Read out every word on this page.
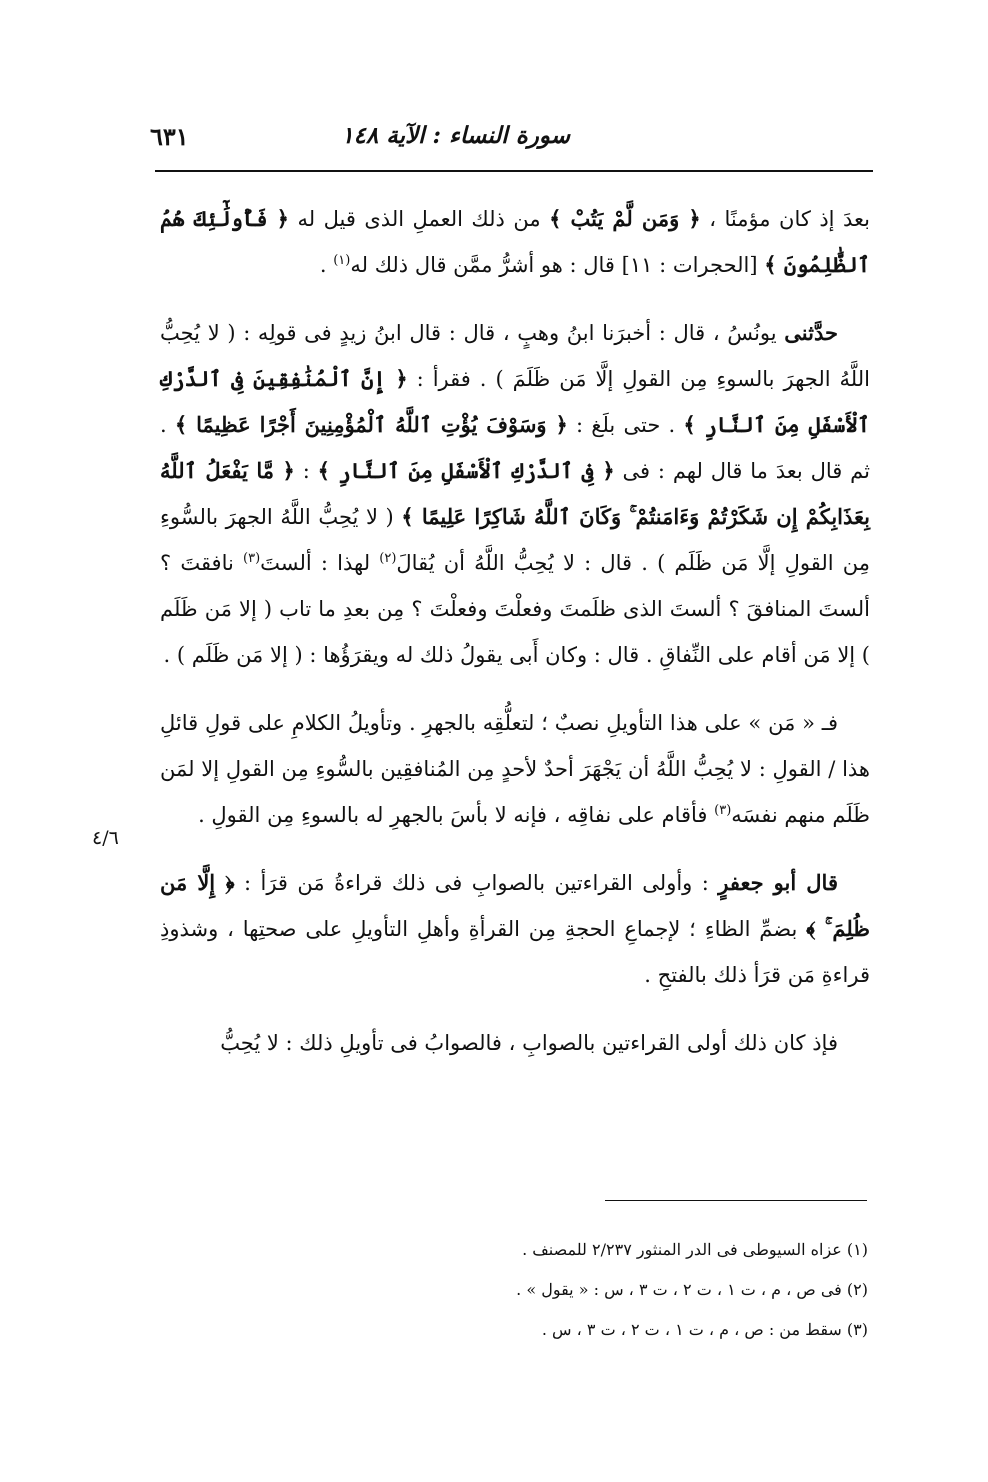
سورة النساء : الآية ١٤٨
٦٣١
٤/٦

بعدَ إذ كان مؤمنًا ، ﴿ وَمَن لَّمْ يَتُبْ ﴾ من ذلك العملِ الذى قيل له ﴿ فَأُولَٰٓئِكَ هُمُ ٱلظَّٰلِمُونَ ﴾ [الحجرات : ١١] قال : هو أشرُّ ممَّن قال ذلك له$^{(١)}$ .

حدَّثنى يونُسُ ، قال : أخبرَنا ابنُ وهبٍ ، قال : قال ابنُ زيدٍ فى قولِه : ( لا يُحِبُّ اللَّهُ الجهرَ بالسوءِ مِن القولِ إلَّا مَن ظَلَمَ ) . فقرأ : ﴿ إِنَّ ٱلْمُنَٰفِقِينَ فِى ٱلدَّرْكِ ٱلْأَسْفَلِ مِنَ ٱلنَّارِ ﴾ . حتى بلَغ : ﴿ وَسَوْفَ يُؤْتِ ٱللَّهُ ٱلْمُؤْمِنِينَ أَجْرًا عَظِيمًا ﴾ . ثم قال بعدَ ما قال لهم : فى ﴿ فِى ٱلدَّرْكِ ٱلْأَسْفَلِ مِنَ ٱلنَّارِ ﴾ : ﴿ مَّا يَفْعَلُ ٱللَّهُ بِعَذَابِكُمْ إِن شَكَرْتُمْ وَءَامَنتُمْ ۚ وَكَانَ ٱللَّهُ شَاكِرًا عَلِيمًا ﴾ ( لا يُحِبُّ اللَّهُ الجهرَ بالسُّوءِ مِن القولِ إلَّا مَن ظَلَم ) . قال : لا يُحِبُّ اللَّهُ أن يُقالَ$^{(٢)}$ لهذا : ألستَ$^{(٣)}$ نافقتَ ؟ ألستَ المنافقَ ؟ ألستَ الذى ظلَمتَ وفعلْتَ وفعلْتَ ؟ مِن بعدِ ما تاب ( إلا مَن ظَلَم ) إلا مَن أقام على النِّفاقِ . قال : وكان أَبى يقولُ ذلك له ويقرَؤُها : ( إلا مَن ظَلَم ) .

فـ « مَن » على هذا التأويلِ نصبٌ ؛ لتعلُّقِه بالجهرِ . وتأويلُ الكلامِ على قولِ قائلِ هذا / القولِ : لا يُحِبُّ اللَّهُ أن يَجْهَرَ أحدٌ لأحدٍ مِن المُنافقِين بالسُّوءِ مِن القولِ إلا لمَن ظَلَم منهم نفسَه$^{(٣)}$ فأقام على نفاقِه ، فإنه لا بأسَ بالجهرِ له بالسوءِ مِن القولِ .

قال أبو جعفرٍ : وأولى القراءتين بالصوابِ فى ذلك قراءةُ مَن قرَأ : ﴿ إِلَّا مَن ظُلِمَ ۚ ﴾ بضمِّ الظاءِ ؛ لإجماعِ الحجةِ مِن القرأةِ وأهلِ التأويلِ على صحتِها ، وشذوذِ قراءةِ مَن قرَأ ذلك بالفتحِ .

فإذ كان ذلك أولى القراءتين بالصوابِ ، فالصوابُ فى تأويلِ ذلك : لا يُحِبُّ

(١) عزاه السيوطى فى الدر المنثور ٢/٢٣٧ للمصنف .
(٢) فى ص ، م ، ت ١ ، ت ٢ ، ت ٣ ، س : « يقول » .
(٣) سقط من : ص ، م ، ت ١ ، ت ٢ ، ت ٣ ، س .
